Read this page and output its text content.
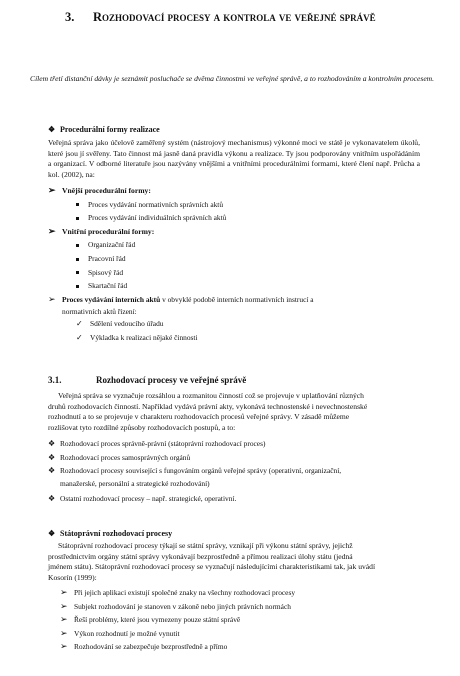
3. Rozhodovací procesy a kontrola ve veřejné správě
Cílem třetí distanční dávky je seznámit posluchače se dvěma činnostmi ve veřejné správě, a to rozhodováním a kontrolním procesem.
❖ Procedurální formy realizace
Veřejná správa jako účelově zaměřený systém (nástrojový mechanismus) výkonné moci ve státě je vykonavatelem úkolů, které jsou jí svěřeny. Tato činnost má jasně daná pravidla výkonu a realizace. Ty jsou podporovány vnitřním uspořádáním a organizací. V odborné literatuře jsou nazývány vnějšími a vnitřními procedurálními formami, které člení např. Průcha a kol. (2002), na:
➢ Vnější procedurální formy:
Proces vydávání normativních správních aktů
Proces vydávání individuálních správních aktů
➢ Vnitřní procedurální formy:
Organizační řád
Pracovní řád
Spisový řád
Skartační řád
➢ Proces vydávání interních aktů v obvyklé podobě interních normativních instrucí a
normativních aktů řízení:
✓ Sdělení vedoucího úřadu
✓ Výkladka k realizaci nějaké činnosti
3.1.	Rozhodovací procesy ve veřejné správě
Veřejná správa se vyznačuje rozsáhlou a rozmanitou činností což se projevuje v uplatňování různých
druhů rozhodovacích činností. Například vydává právní akty, vykonává technostenské i nevechnostenské
rozhodnutí a to se projevuje v charakteru rozhodovacích procesů veřejné správy. V zásadě můžeme
rozlišovat tyto rozdílné způsoby rozhodovacích postupů, a to:
❖ Rozhodovací proces správně-právní (státoprávní rozhodovací proces)
❖ Rozhodovací proces samosprávných orgánů
❖ Rozhodovací procesy související s fungováním orgánů veřejné správy (operativní, organizační,
manažerské, personální a strategické rozhodování)
❖ Ostatní rozhodovací procesy – např. strategické, operativní.
❖ Státoprávní rozhodovací procesy
Státoprávní rozhodovací procesy týkají se státní správy, vznikají při výkonu státní správy, jejichž
prostřednictvím orgány státní správy vykonávají bezprostředně a přímou realizaci úlohy státu (jedná
jménem státu). Státoprávní rozhodovací procesy se vyznačují následujícími charakteristikami tak, jak uvádí
Kosorín (1999):
➢ Při jejich aplikaci existují společné znaky na všechny rozhodovací procesy
➢ Subjekt rozhodování je stanoven v zákoně nebo jiných právních normách
➢ Řeší problémy, které jsou vymezeny pouze státní správě
➢ Výkon rozhodnutí je možné vynutit
➢ Rozhodování se zabezpečuje bezprostředně a přímo
